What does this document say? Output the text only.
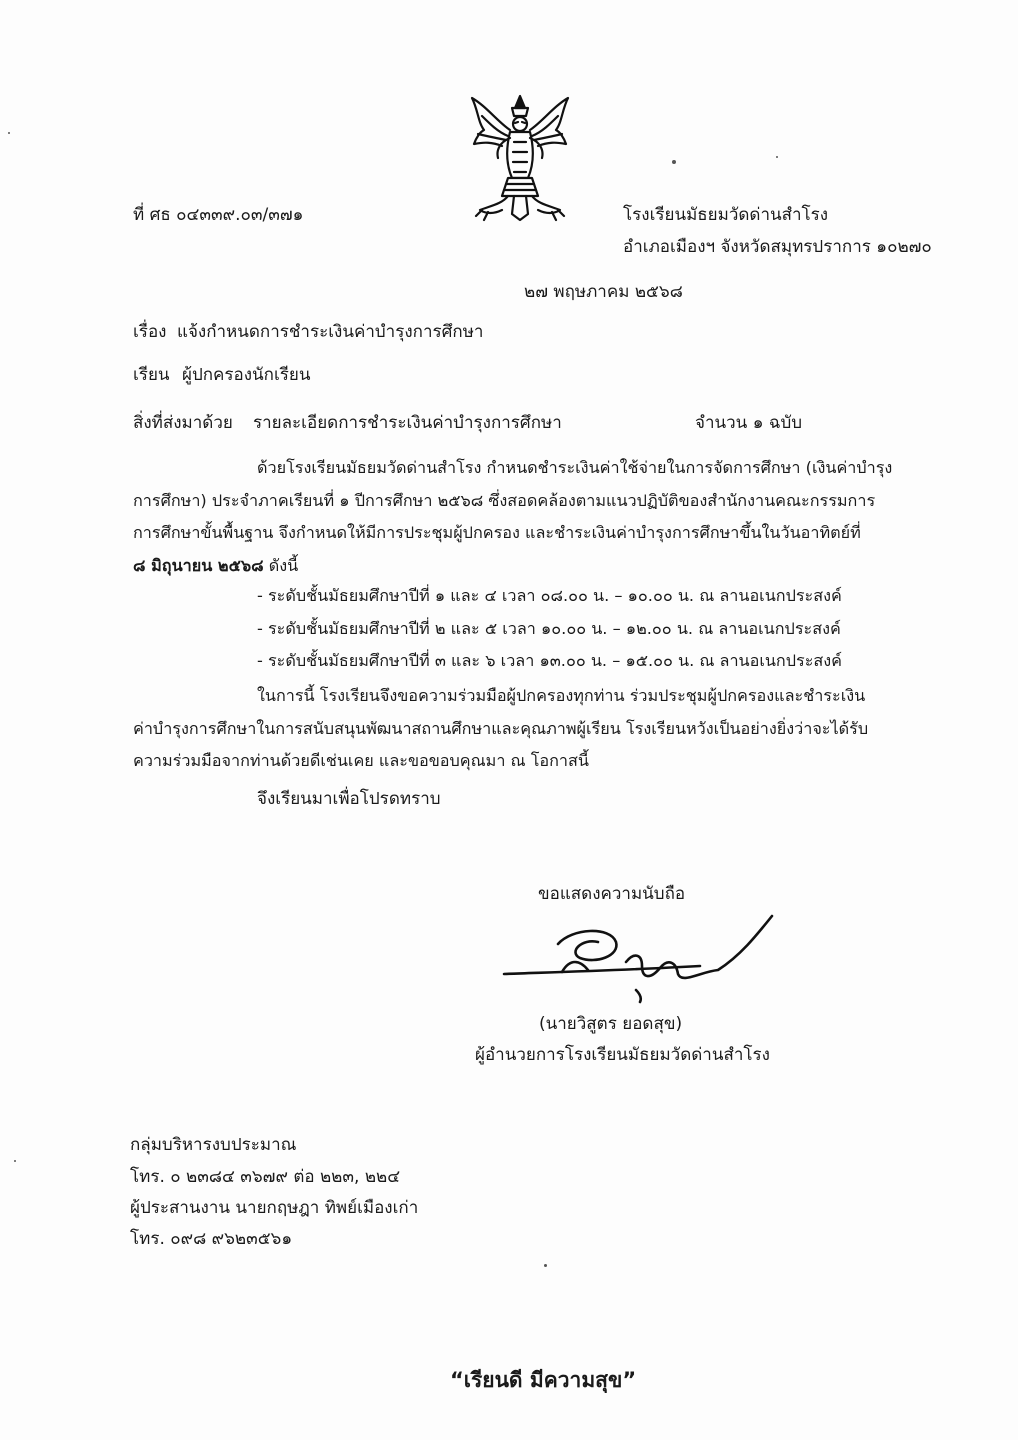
ที่ ศธ ๐๔๓๓๙.๐๓/๓๗๑	โรงเรียนมัธยมวัดด่านสำโรง
อำเภอเมืองฯ จังหวัดสมุทรปราการ ๑๐๒๗๐
๒๗ พฤษภาคม ๒๕๖๘
เรื่อง แจ้งกำหนดการชำระเงินค่าบำรุงการศึกษา
เรียน ผู้ปกครองนักเรียน
สิ่งที่ส่งมาด้วย รายละเอียดการชำระเงินค่าบำรุงการศึกษา	จำนวน ๑ ฉบับ
ด้วยโรงเรียนมัธยมวัดด่านสำโรง กำหนดชำระเงินค่าใช้จ่ายในการจัดการศึกษา (เงินค่าบำรุง
การศึกษา) ประจำภาคเรียนที่ ๑ ปีการศึกษา ๒๕๖๘ ซึ่งสอดคล้องตามแนวปฏิบัติของสำนักงานคณะกรรมการ
การศึกษาขั้นพื้นฐาน จึงกำหนดให้มีการประชุมผู้ปกครอง และชำระเงินค่าบำรุงการศึกษาขึ้นในวันอาทิตย์ที่
๘ มิถุนายน ๒๕๖๘ ดังนี้
- ระดับชั้นมัธยมศึกษาปีที่ ๑ และ ๔ เวลา ๐๘.๐๐ น. – ๑๐.๐๐ น. ณ ลานอเนกประสงค์
- ระดับชั้นมัธยมศึกษาปีที่ ๒ และ ๕ เวลา ๑๐.๐๐ น. – ๑๒.๐๐ น. ณ ลานอเนกประสงค์
- ระดับชั้นมัธยมศึกษาปีที่ ๓ และ ๖ เวลา ๑๓.๐๐ น. – ๑๕.๐๐ น. ณ ลานอเนกประสงค์
ในการนี้ โรงเรียนจึงขอความร่วมมือผู้ปกครองทุกท่าน ร่วมประชุมผู้ปกครองและชำระเงิน
ค่าบำรุงการศึกษาในการสนับสนุนพัฒนาสถานศึกษาและคุณภาพผู้เรียน โรงเรียนหวังเป็นอย่างยิ่งว่าจะได้รับ
ความร่วมมือจากท่านด้วยดีเช่นเคย และขอขอบคุณมา ณ โอกาสนี้
จึงเรียนมาเพื่อโปรดทราบ
ขอแสดงความนับถือ
(นายวิสูตร ยอดสุข)
ผู้อำนวยการโรงเรียนมัธยมวัดด่านสำโรง
กลุ่มบริหารงบประมาณ
โทร. ๐ ๒๓๘๔ ๓๖๗๙ ต่อ ๒๒๓, ๒๒๔
ผู้ประสานงาน นายกฤษฎา ทิพย์เมืองเก่า
โทร. ๐๙๘ ๙๖๒๓๕๖๑
“เรียนดี มีความสุข”
